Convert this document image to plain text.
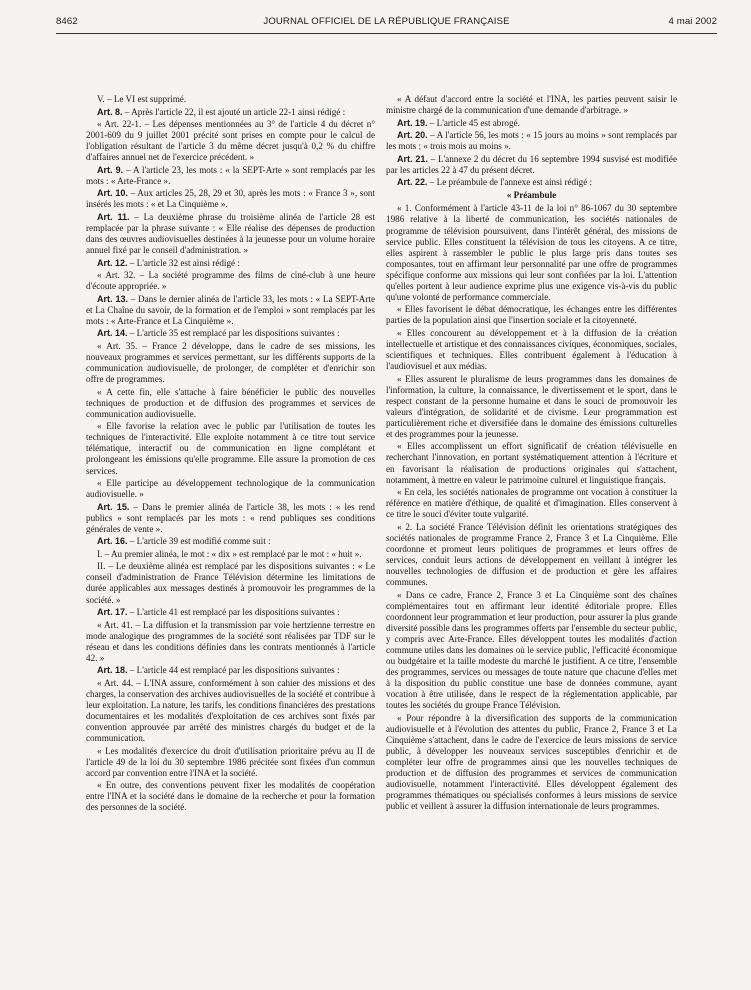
8462	JOURNAL OFFICIEL DE LA RÉPUBLIQUE FRANÇAISE	4 mai 2002

V. – Le VI est supprimé.

Art. 8. – Après l'article 22, il est ajouté un article 22-1 ainsi rédigé :

« Art. 22-1. – Les dépenses mentionnées au 3° de l'article 4 du décret n° 2001-609 du 9 juillet 2001 précité sont prises en compte pour le calcul de l'obligation résultant de l'article 3 du même décret jusqu'à 0,2 % du chiffre d'affaires annuel net de l'exercice précédent. »

Art. 9. – A l'article 23, les mots : « la SEPT-Arte » sont remplacés par les mots : « Arte-France ».

Art. 10. – Aux articles 25, 28, 29 et 30, après les mots : « France 3 », sont insérés les mots : « et La Cinquième ».

Art. 11. – La deuxième phrase du troisième alinéa de l'article 28 est remplacée par la phrase suivante : « Elle réalise des dépenses de production dans des œuvres audiovisuelles destinées à la jeunesse pour un volume horaire annuel fixé par le conseil d'administration. »

Art. 12. – L'article 32 est ainsi rédigé :

« Art. 32. – La société programme des films de ciné-club à une heure d'écoute appropriée. »

Art. 13. – Dans le dernier alinéa de l'article 33, les mots : « La SEPT-Arte et La Chaîne du savoir, de la formation et de l'emploi » sont remplacés par les mots : « Arte-France et La Cinquième ».

Art. 14. – L'article 35 est remplacé par les dispositions suivantes :

« Art. 35. – France 2 développe, dans le cadre de ses missions, les nouveaux programmes et services permettant, sur les différents supports de la communication audiovisuelle, de prolonger, de compléter et d'enrichir son offre de programmes.

« A cette fin, elle s'attache à faire bénéficier le public des nouvelles techniques de production et de diffusion des programmes et services de communication audiovisuelle.

« Elle favorise la relation avec le public par l'utilisation de toutes les techniques de l'interactivité. Elle exploite notamment à ce titre tout service télématique, interactif ou de communication en ligne complétant et prolongeant les émissions qu'elle programme. Elle assure la promotion de ces services.

« Elle participe au développement technologique de la communication audiovisuelle. »

Art. 15. – Dans le premier alinéa de l'article 38, les mots : « les rend publics » sont remplacés par les mots : « rend publiques ses conditions générales de vente ».

Art. 16. – L'article 39 est modifié comme suit :

I. – Au premier alinéa, le mot : « dix » est remplacé par le mot : « huit ».

II. – Le deuxième alinéa est remplacé par les dispositions suivantes : « Le conseil d'administration de France Télévision détermine les limitations de durée applicables aux messages destinés à promouvoir les programmes de la société. »

Art. 17. – L'article 41 est remplacé par les dispositions suivantes :

« Art. 41. – La diffusion et la transmission par voie hertzienne terrestre en mode analogique des programmes de la société sont réalisées par TDF sur le réseau et dans les conditions définies dans les contrats mentionnés à l'article 42. »

Art. 18. – L'article 44 est remplacé par les dispositions suivantes :

« Art. 44. – L'INA assure, conformément à son cahier des missions et des charges, la conservation des archives audiovisuelles de la société et contribue à leur exploitation. La nature, les tarifs, les conditions financières des prestations documentaires et les modalités d'exploitation de ces archives sont fixés par convention approuvée par arrêté des ministres chargés du budget et de la communication.

« Les modalités d'exercice du droit d'utilisation prioritaire prévu au II de l'article 49 de la loi du 30 septembre 1986 précitée sont fixées d'un commun accord par convention entre l'INA et la société.

« En outre, des conventions peuvent fixer les modalités de coopération entre l'INA et la société dans le domaine de la recherche et pour la formation des personnes de la société.

« A défaut d'accord entre la société et l'INA, les parties peuvent saisir le ministre chargé de la communication d'une demande d'arbitrage. »

Art. 19. – L'article 45 est abrogé.

Art. 20. – A l'article 56, les mots : « 15 jours au moins » sont remplacés par les mots : « trois mois au moins ».

Art. 21. – L'annexe 2 du décret du 16 septembre 1994 susvisé est modifiée par les articles 22 à 47 du présent décret.

Art. 22. – Le préambule de l'annexe est ainsi rédigé :

« Préambule

« 1. Conformément à l'article 43-11 de la loi n° 86-1067 du 30 septembre 1986 relative à la liberté de communication, les sociétés nationales de programme de télévision poursuivent, dans l'intérêt général, des missions de service public. Elles constituent la télévision de tous les citoyens. A ce titre, elles aspirent à rassembler le public le plus large pris dans toutes ses composantes, tout en affirmant leur personnalité par une offre de programmes spécifique conforme aux missions qui leur sont confiées par la loi. L'attention qu'elles portent à leur audience exprime plus une exigence vis-à-vis du public qu'une volonté de performance commerciale.

« Elles favorisent le débat démocratique, les échanges entre les différentes parties de la population ainsi que l'insertion sociale et la citoyenneté.

« Elles concourent au développement et à la diffusion de la création intellectuelle et artistique et des connaissances civiques, économiques, sociales, scientifiques et techniques. Elles contribuent également à l'éducation à l'audiovisuel et aux médias.

« Elles assurent le pluralisme de leurs programmes dans les domaines de l'information, la culture, la connaissance, le divertissement et le sport, dans le respect constant de la personne humaine et dans le souci de promouvoir les valeurs d'intégration, de solidarité et de civisme. Leur programmation est particulièrement riche et diversifiée dans le domaine des émissions culturelles et des programmes pour la jeunesse.

« Elles accomplissent un effort significatif de création télévisuelle en recherchant l'innovation, en portant systématiquement attention à l'écriture et en favorisant la réalisation de productions originales qui s'attachent, notamment, à mettre en valeur le patrimoine culturel et linguistique français.

« En cela, les sociétés nationales de programme ont vocation à constituer la référence en matière d'éthique, de qualité et d'imagination. Elles conservent à ce titre le souci d'éviter toute vulgarité.

« 2. La société France Télévision définit les orientations stratégiques des sociétés nationales de programme France 2, France 3 et La Cinquième. Elle coordonne et promeut leurs politiques de programmes et leurs offres de services, conduit leurs actions de développement en veillant à intégrer les nouvelles technologies de diffusion et de production et gère les affaires communes.

« Dans ce cadre, France 2, France 3 et La Cinquième sont des chaînes complémentaires tout en affirmant leur identité éditoriale propre. Elles coordonnent leur programmation et leur production, pour assurer la plus grande diversité possible dans les programmes offerts par l'ensemble du secteur public, y compris avec Arte-France. Elles développent toutes les modalités d'action commune utiles dans les domaines où le service public, l'efficacité économique ou budgétaire et la taille modeste du marché le justifient. A ce titre, l'ensemble des programmes, services ou messages de toute nature que chacune d'elles met à la disposition du public constitue une base de données commune, ayant vocation à être utilisée, dans le respect de la réglementation applicable, par toutes les sociétés du groupe France Télévision.

« Pour répondre à la diversification des supports de la communication audiovisuelle et à l'évolution des attentes du public, France 2, France 3 et La Cinquième s'attachent, dans le cadre de l'exercice de leurs missions de service public, à développer les nouveaux services susceptibles d'enrichir et de compléter leur offre de programmes ainsi que les nouvelles techniques de production et de diffusion des programmes et services de communication audiovisuelle, notamment l'interactivité. Elles développent également des programmes thématiques ou spécialisés conformes à leurs missions de service public et veillent à assurer la diffusion internationale de leurs programmes.
